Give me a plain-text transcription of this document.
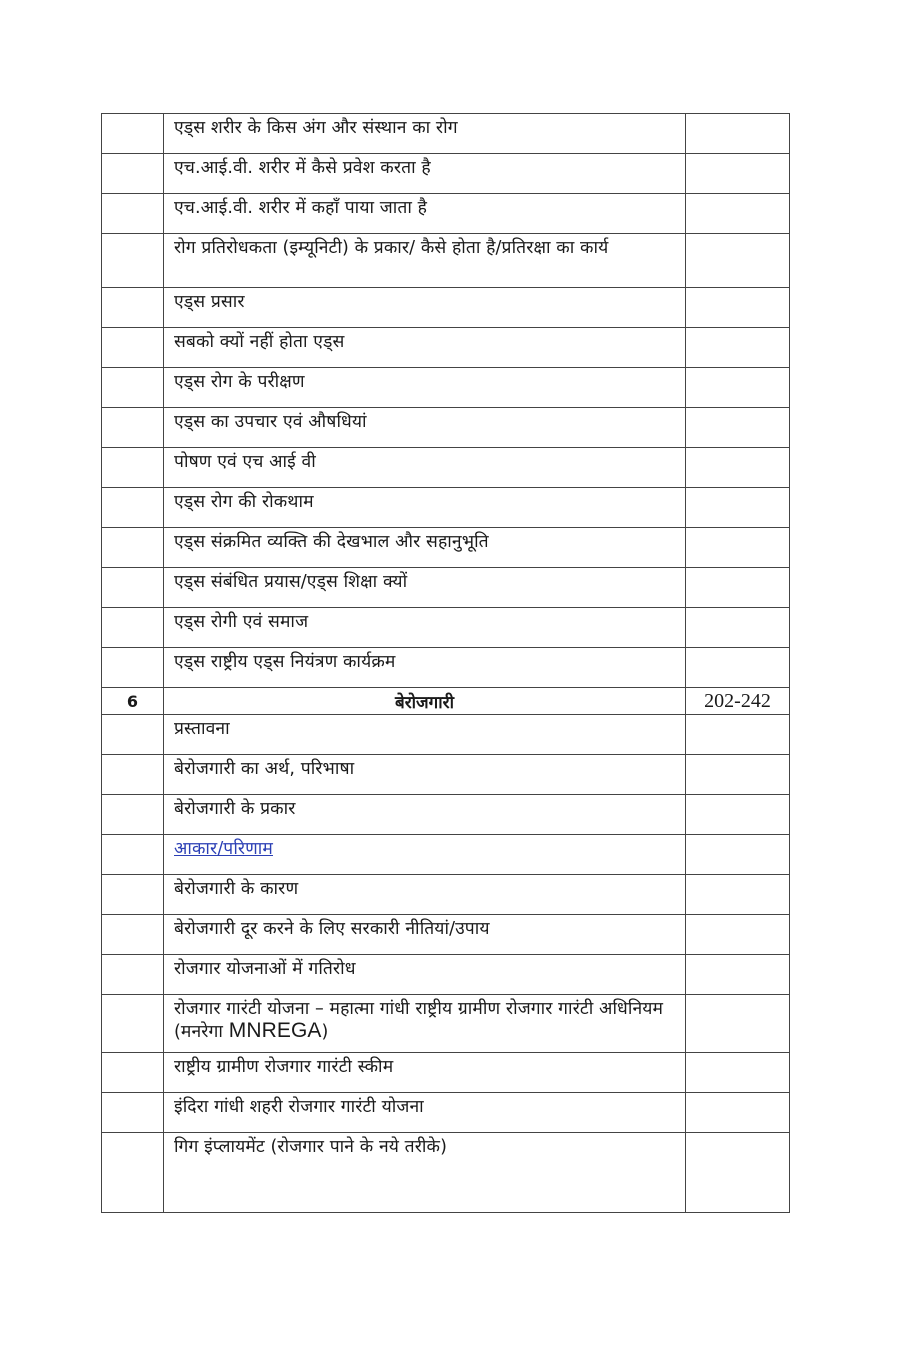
	एड्स शरीर के किस अंग और संस्थान का रोग	
	एच.आई.वी. शरीर में कैसे प्रवेश करता है	
	एच.आई.वी. शरीर में कहाँ पाया जाता है	
	रोग प्रतिरोधकता (इम्यूनिटी) के प्रकार/ कैसे होता है/प्रतिरक्षा का कार्य	
	एड्स प्रसार	
	सबको क्यों नहीं होता एड्स	
	एड्स रोग के परीक्षण	
	एड्स का उपचार एवं औषधियां	
	पोषण एवं एच आई वी	
	एड्स रोग की रोकथाम	
	एड्स संक्रमित व्यक्ति की देखभाल और सहानुभूति	
	एड्स संबंधित प्रयास/एड्स शिक्षा क्यों	
	एड्स रोगी एवं समाज	
	एड्स राष्ट्रीय एड्स नियंत्रण कार्यक्रम	
6	बेरोजगारी	202-242
	प्रस्तावना	
	बेरोजगारी का अर्थ, परिभाषा	
	बेरोजगारी के प्रकार	
	आकार/परिणाम	
	बेरोजगारी के कारण	
	बेरोजगारी दूर करने के लिए सरकारी नीतियां/उपाय	
	रोजगार योजनाओं में गतिरोध	
	रोजगार गारंटी योजना – महात्मा गांधी राष्ट्रीय ग्रामीण रोजगार गारंटी अधिनियम (मनरेगा MNREGA)	
	राष्ट्रीय ग्रामीण रोजगार गारंटी स्कीम	
	इंदिरा गांधी शहरी रोजगार गारंटी योजना	
	गिग इंप्लायमेंट (रोजगार पाने के नये तरीके)	
